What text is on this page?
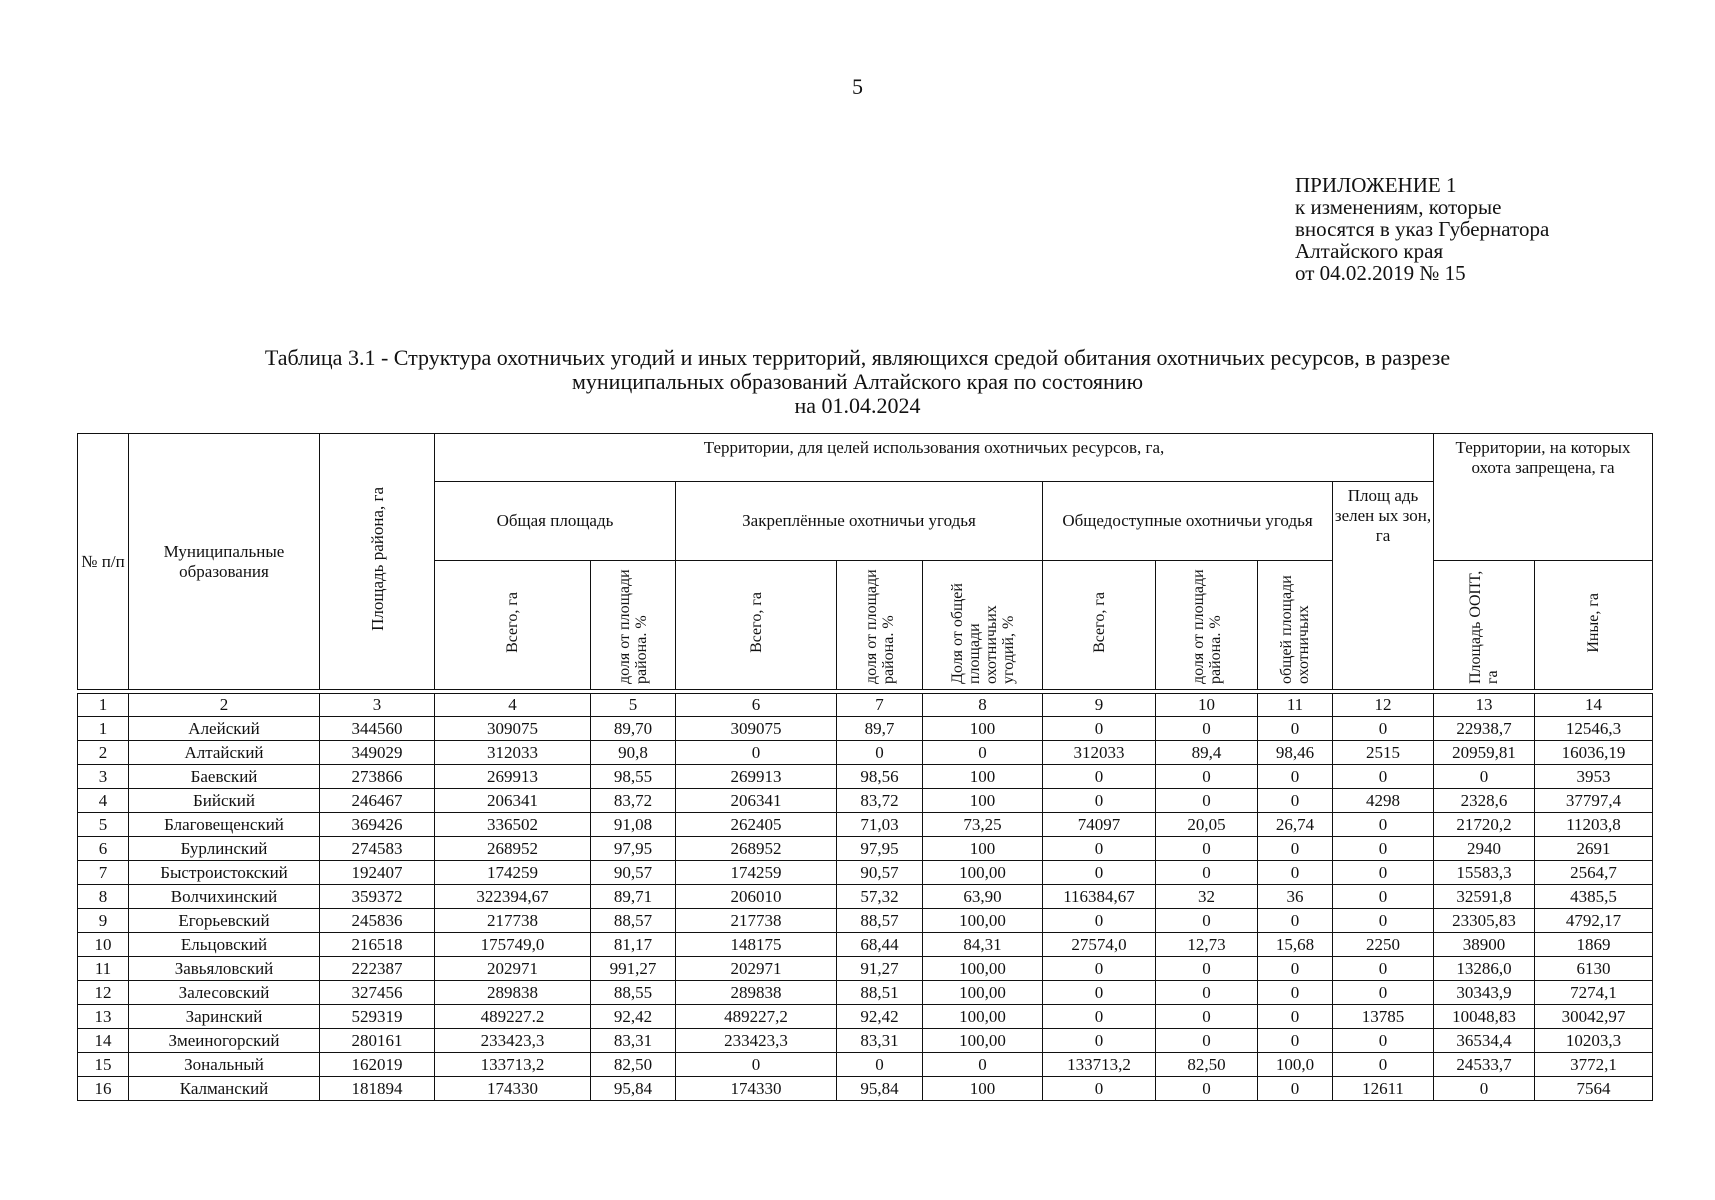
5
ПРИЛОЖЕНИЕ 1
к изменениям, которые
вносятся в указ Губернатора
Алтайского края
от 04.02.2019 № 15
Таблица 3.1 - Структура охотничьих угодий и иных территорий, являющихся средой обитания охотничьих ресурсов, в разрезе
муниципальных образований Алтайского края по состоянию
на 01.04.2024
№ п/п	Муниципальные образования	Площадь района, га	Территории, для целей использования охотничьих ресурсов, га,									Территории, на которых охота запрещена, га	
			Общая площадь		Закреплённые охотничьи угодья			Общедоступные охотничьи угодья			Площ адь зелен ых зон, га		
			Всего, га	доля от площади района. %	Всего, га	доля от площади района. %	Доля от общей площади охотничьих угодий, %	Всего, га	доля от площади района. %	общей площади охотничьих		Площадь ООПТ, га	Иные, га

1	2	3	4	5	6	7	8	9	10	11	12	13	14
1	Алейский	344560	309075	89,70	309075	89,7	100	0	0	0	0	22938,7	12546,3
2	Алтайский	349029	312033	90,8	0	0	0	312033	89,4	98,46	2515	20959,81	16036,19
3	Баевский	273866	269913	98,55	269913	98,56	100	0	0	0	0	0	3953
4	Бийский	246467	206341	83,72	206341	83,72	100	0	0	0	4298	2328,6	37797,4
5	Благовещенский	369426	336502	91,08	262405	71,03	73,25	74097	20,05	26,74	0	21720,2	11203,8
6	Бурлинский	274583	268952	97,95	268952	97,95	100	0	0	0	0	2940	2691
7	Быстроистокский	192407	174259	90,57	174259	90,57	100,00	0	0	0	0	15583,3	2564,7
8	Волчихинский	359372	322394,67	89,71	206010	57,32	63,90	116384,67	32	36	0	32591,8	4385,5
9	Егорьевский	245836	217738	88,57	217738	88,57	100,00	0	0	0	0	23305,83	4792,17
10	Ельцовский	216518	175749,0	81,17	148175	68,44	84,31	27574,0	12,73	15,68	2250	38900	1869
11	Завьяловский	222387	202971	991,27	202971	91,27	100,00	0	0	0	0	13286,0	6130
12	Залесовский	327456	289838	88,55	289838	88,51	100,00	0	0	0	0	30343,9	7274,1
13	Заринский	529319	489227.2	92,42	489227,2	92,42	100,00	0	0	0	13785	10048,83	30042,97
14	Змеиногорский	280161	233423,3	83,31	233423,3	83,31	100,00	0	0	0	0	36534,4	10203,3
15	Зональный	162019	133713,2	82,50	0	0	0	133713,2	82,50	100,0	0	24533,7	3772,1
16	Калманский	181894	174330	95,84	174330	95,84	100	0	0	0	12611	0	7564
